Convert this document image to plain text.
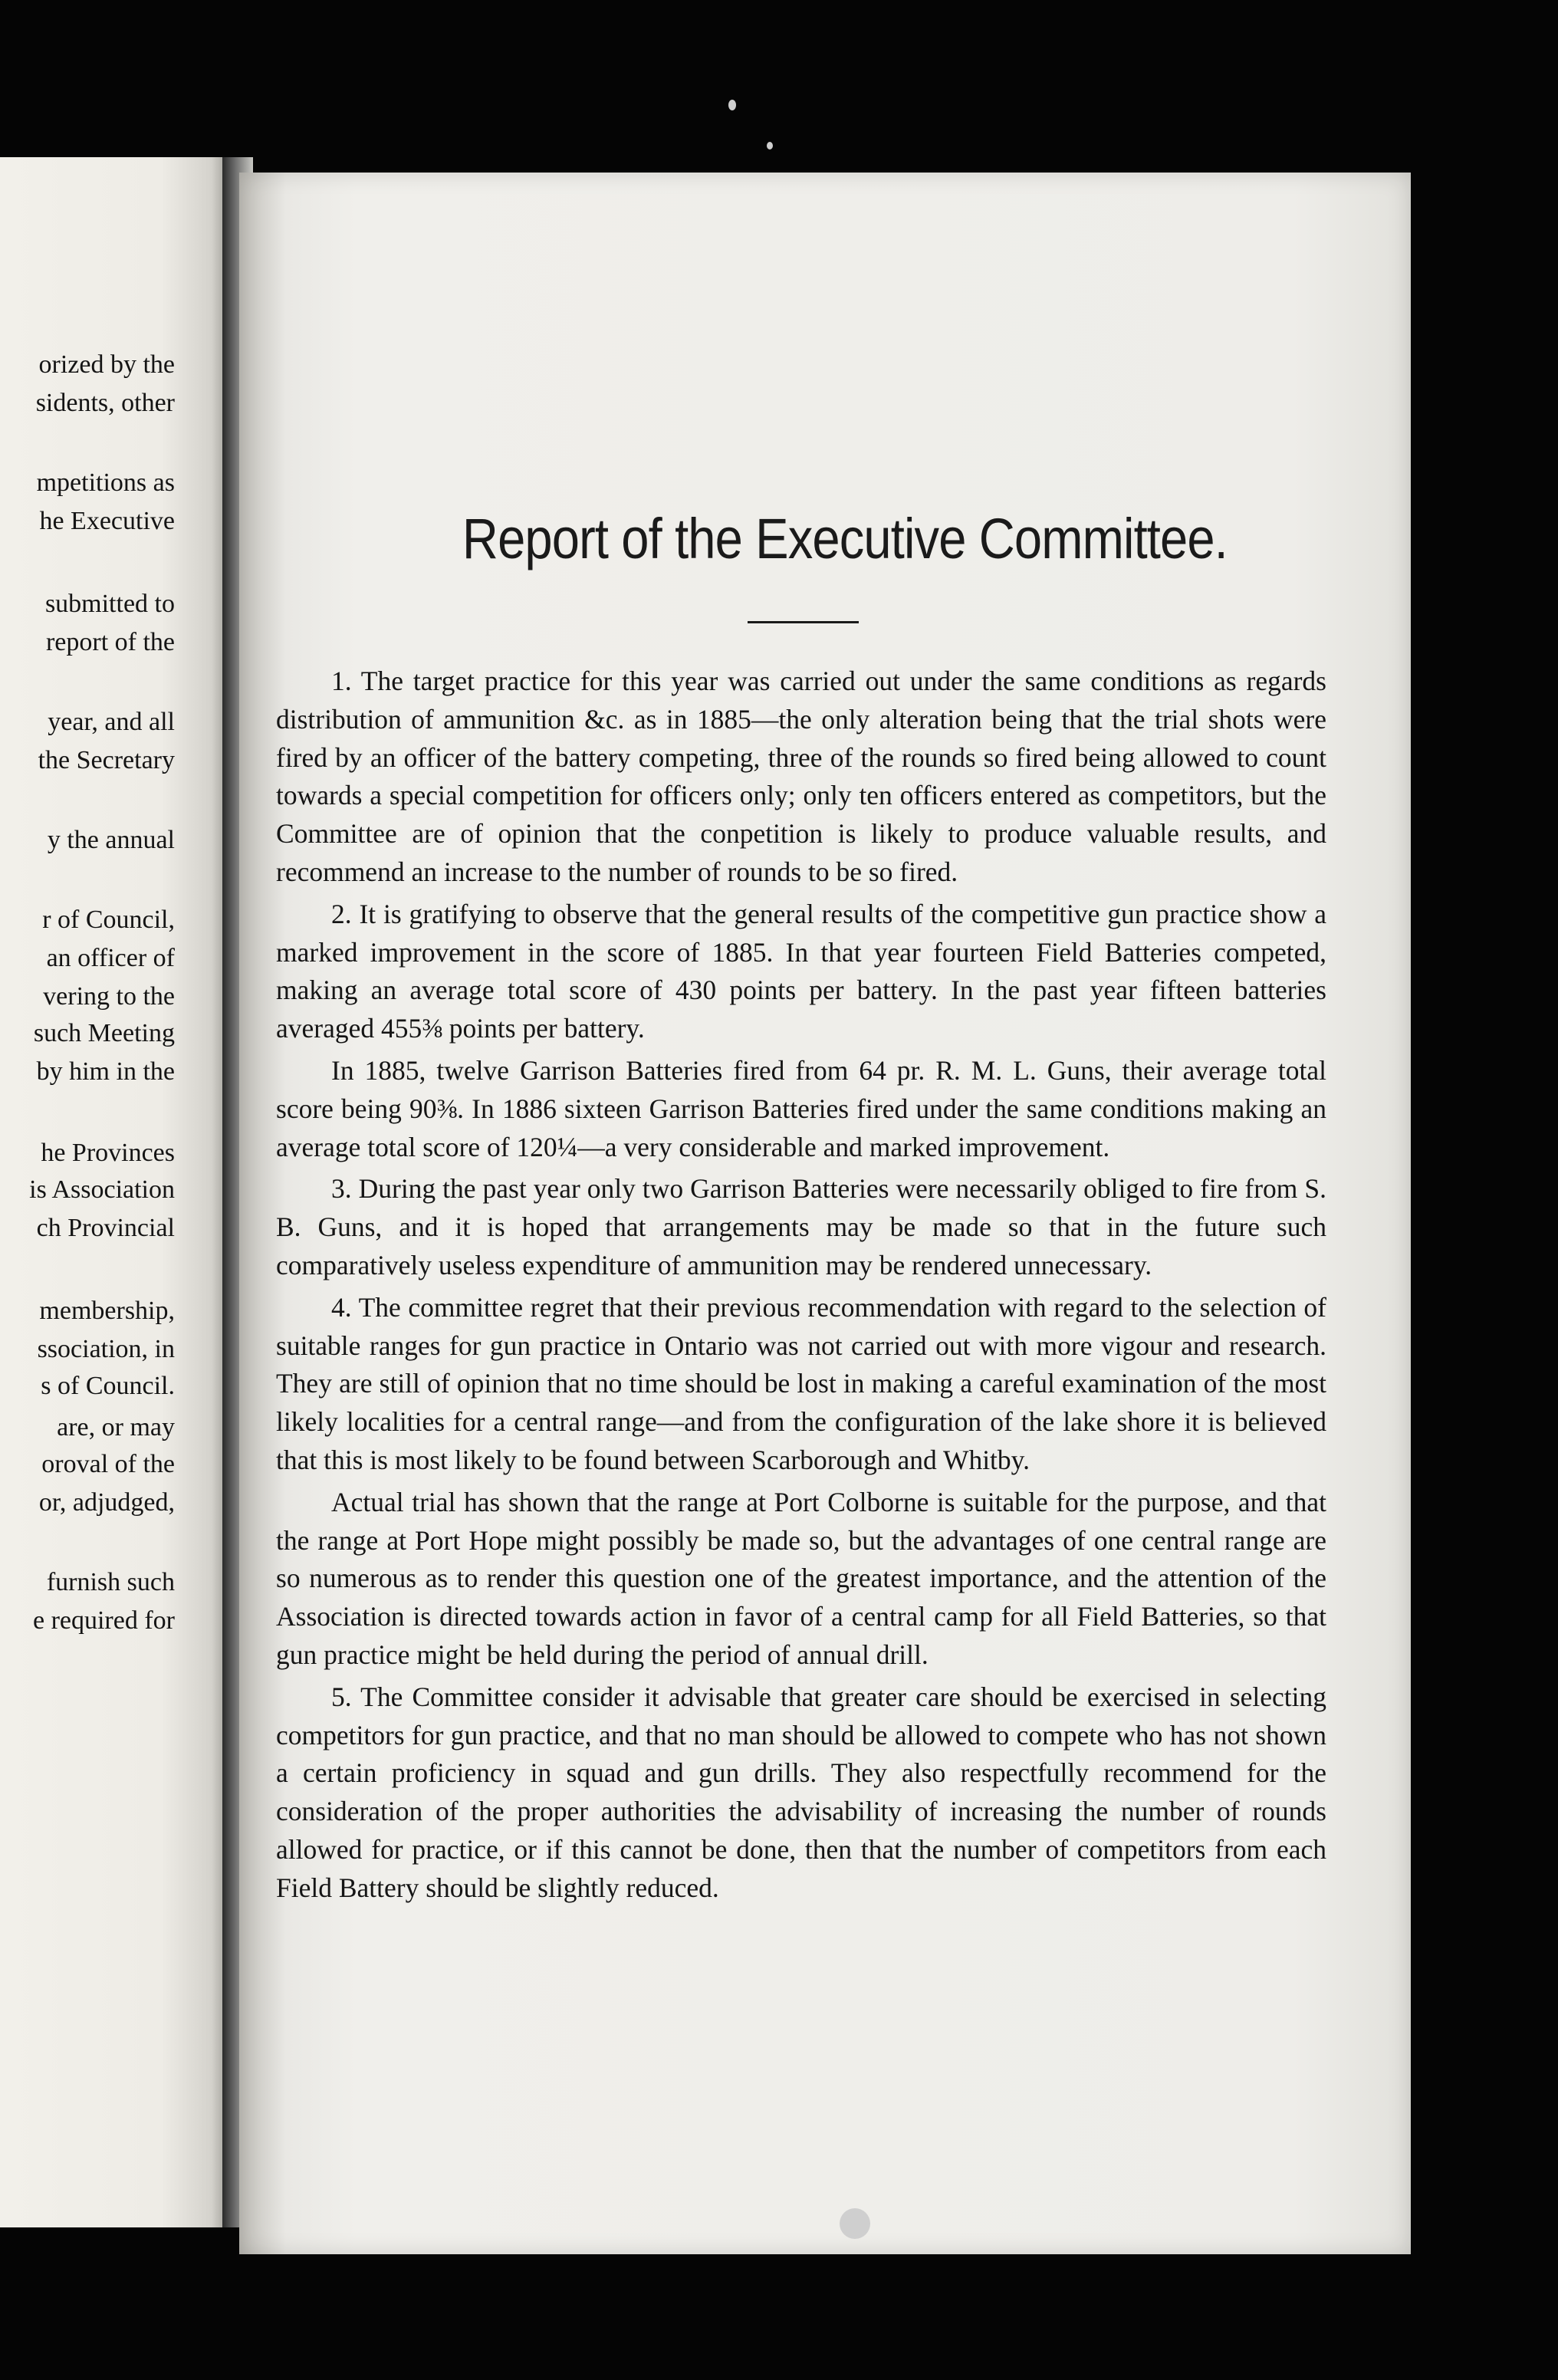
orized by the
sidents, other
mpetitions as
he Executive
submitted to
report of the
year, and all
the Secretary
y the annual
r of Council,
an officer of
vering to the
such Meeting
by him in the
he Provinces
is Association
ch Provincial
membership,
ssociation, in
s of Council.
are, or may
oroval of the
or, adjudged,
furnish such
e required for
Report of the Executive Committee.

1. The target practice for this year was carried out under the same conditions as regards distribution of ammunition &c. as in 1885—the only alteration being that the trial shots were fired by an officer of the battery competing, three of the rounds so fired being allowed to count towards a special competition for officers only; only ten officers entered as competitors, but the Committee are of opinion that the conpetition is likely to produce valuable results, and recommend an increase to the number of rounds to be so fired.

2. It is gratifying to observe that the general results of the competitive gun practice show a marked improvement in the score of 1885. In that year fourteen Field Batteries competed, making an average total score of 430 points per battery. In the past year fifteen batteries averaged 455⅜ points per battery.

In 1885, twelve Garrison Batteries fired from 64 pr. R. M. L. Guns, their average total score being 90⅜. In 1886 sixteen Garrison Batteries fired under the same conditions making an average total score of 120¼—a very considerable and marked improvement.

3. During the past year only two Garrison Batteries were necessarily obliged to fire from S. B. Guns, and it is hoped that arrangements may be made so that in the future such comparatively useless expenditure of ammunition may be rendered unnecessary.

4. The committee regret that their previous recommendation with regard to the selection of suitable ranges for gun practice in Ontario was not carried out with more vigour and research. They are still of opinion that no time should be lost in making a careful examination of the most likely localities for a central range—and from the configuration of the lake shore it is believed that this is most likely to be found between Scarborough and Whitby.

Actual trial has shown that the range at Port Colborne is suitable for the purpose, and that the range at Port Hope might possibly be made so, but the advantages of one central range are so numerous as to render this question one of the greatest importance, and the attention of the Association is directed towards action in favor of a central camp for all Field Batteries, so that gun practice might be held during the period of annual drill.

5. The Committee consider it advisable that greater care should be exercised in selecting competitors for gun practice, and that no man should be allowed to compete who has not shown a certain proficiency in squad and gun drills. They also respectfully recommend for the consideration of the proper authorities the advisability of increasing the number of rounds allowed for practice, or if this cannot be done, then that the number of competitors from each Field Battery should be slightly reduced.
